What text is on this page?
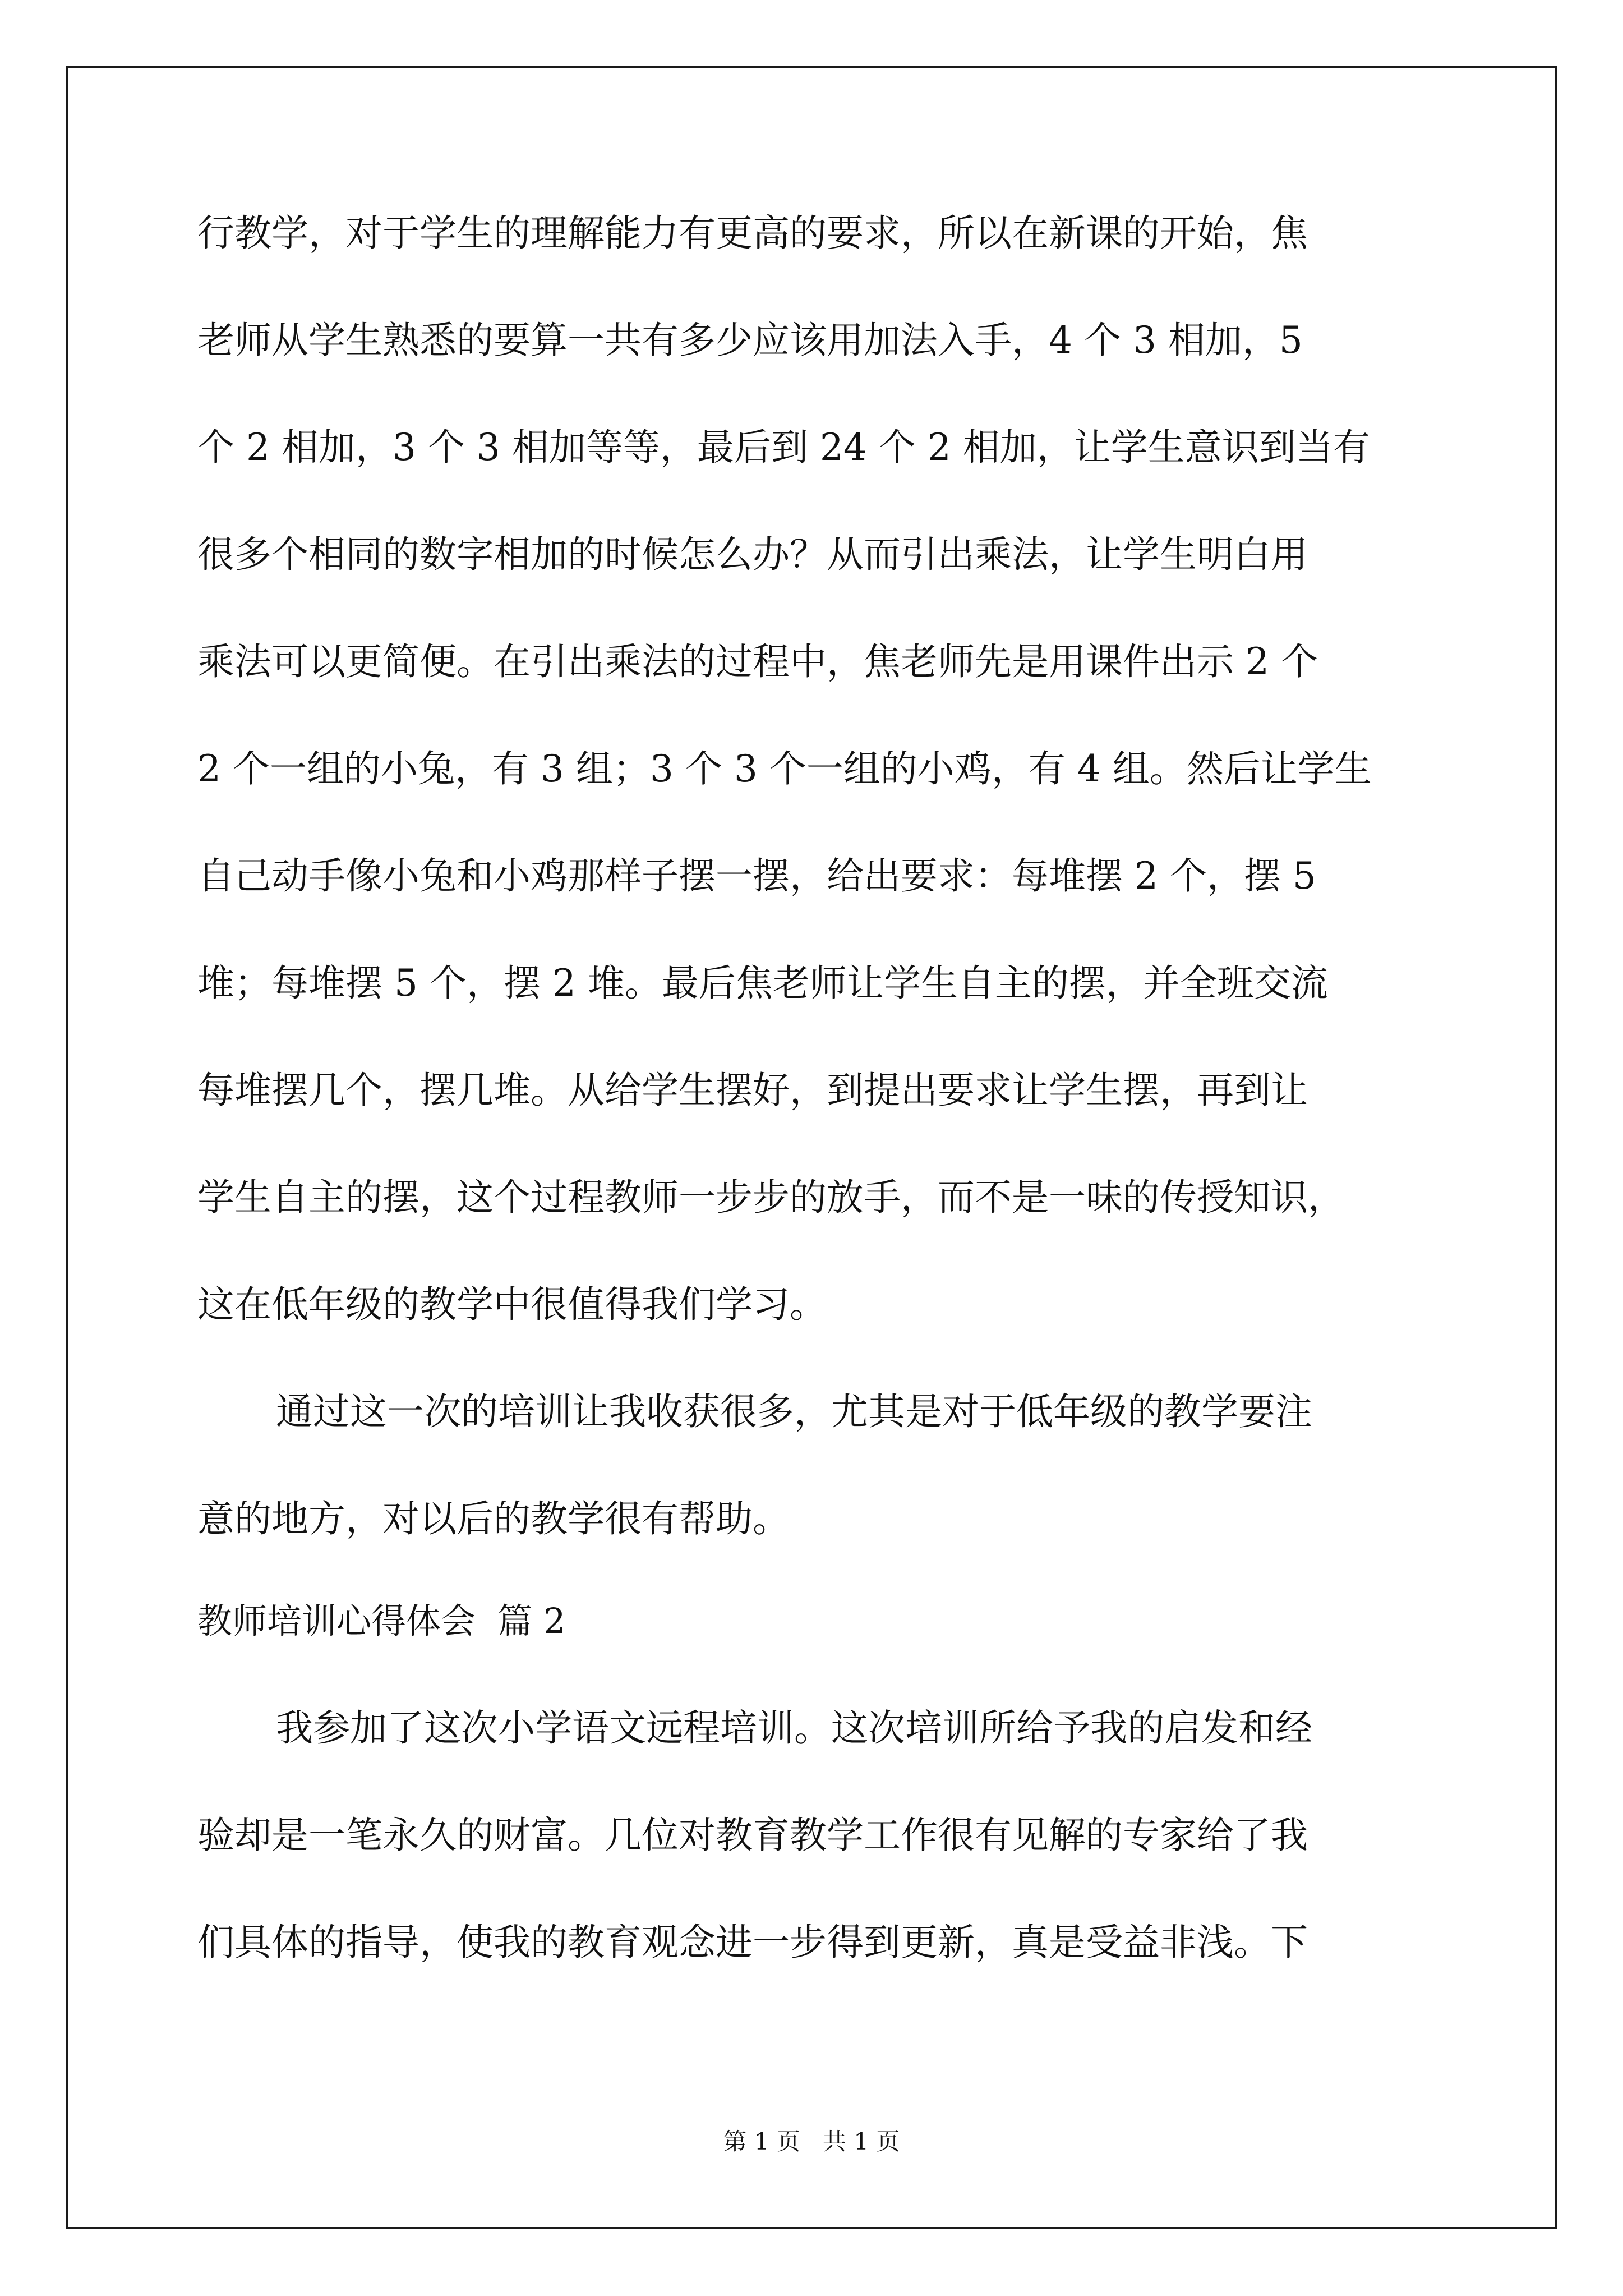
行教学，对于学生的理解能力有更高的要求，所以在新课的开始，焦
老师从学生熟悉的要算一共有多少应该用加法入手，4 个 3 相加，5
个 2 相加，3 个 3 相加等等，最后到 24 个 2 相加，让学生意识到当有
很多个相同的数字相加的时候怎么办？从而引出乘法，让学生明白用
乘法可以更简便。在引出乘法的过程中，焦老师先是用课件出示 2 个
2 个一组的小兔，有 3 组；3 个 3 个一组的小鸡，有 4 组。然后让学生
自己动手像小兔和小鸡那样子摆一摆，给出要求：每堆摆 2 个，摆 5
堆；每堆摆 5 个，摆 2 堆。最后焦老师让学生自主的摆，并全班交流
每堆摆几个，摆几堆。从给学生摆好，到提出要求让学生摆，再到让
学生自主的摆，这个过程教师一步步的放手，而不是一味的传授知识，
这在低年级的教学中很值得我们学习。
通过这一次的培训让我收获很多，尤其是对于低年级的教学要注
意的地方，对以后的教学很有帮助。
教师培训心得体会  篇 2
我参加了这次小学语文远程培训。这次培训所给予我的启发和经
验却是一笔永久的财富。几位对教育教学工作很有见解的专家给了我
们具体的指导，使我的教育观念进一步得到更新，真是受益非浅。下
第 1 页   共 1 页
